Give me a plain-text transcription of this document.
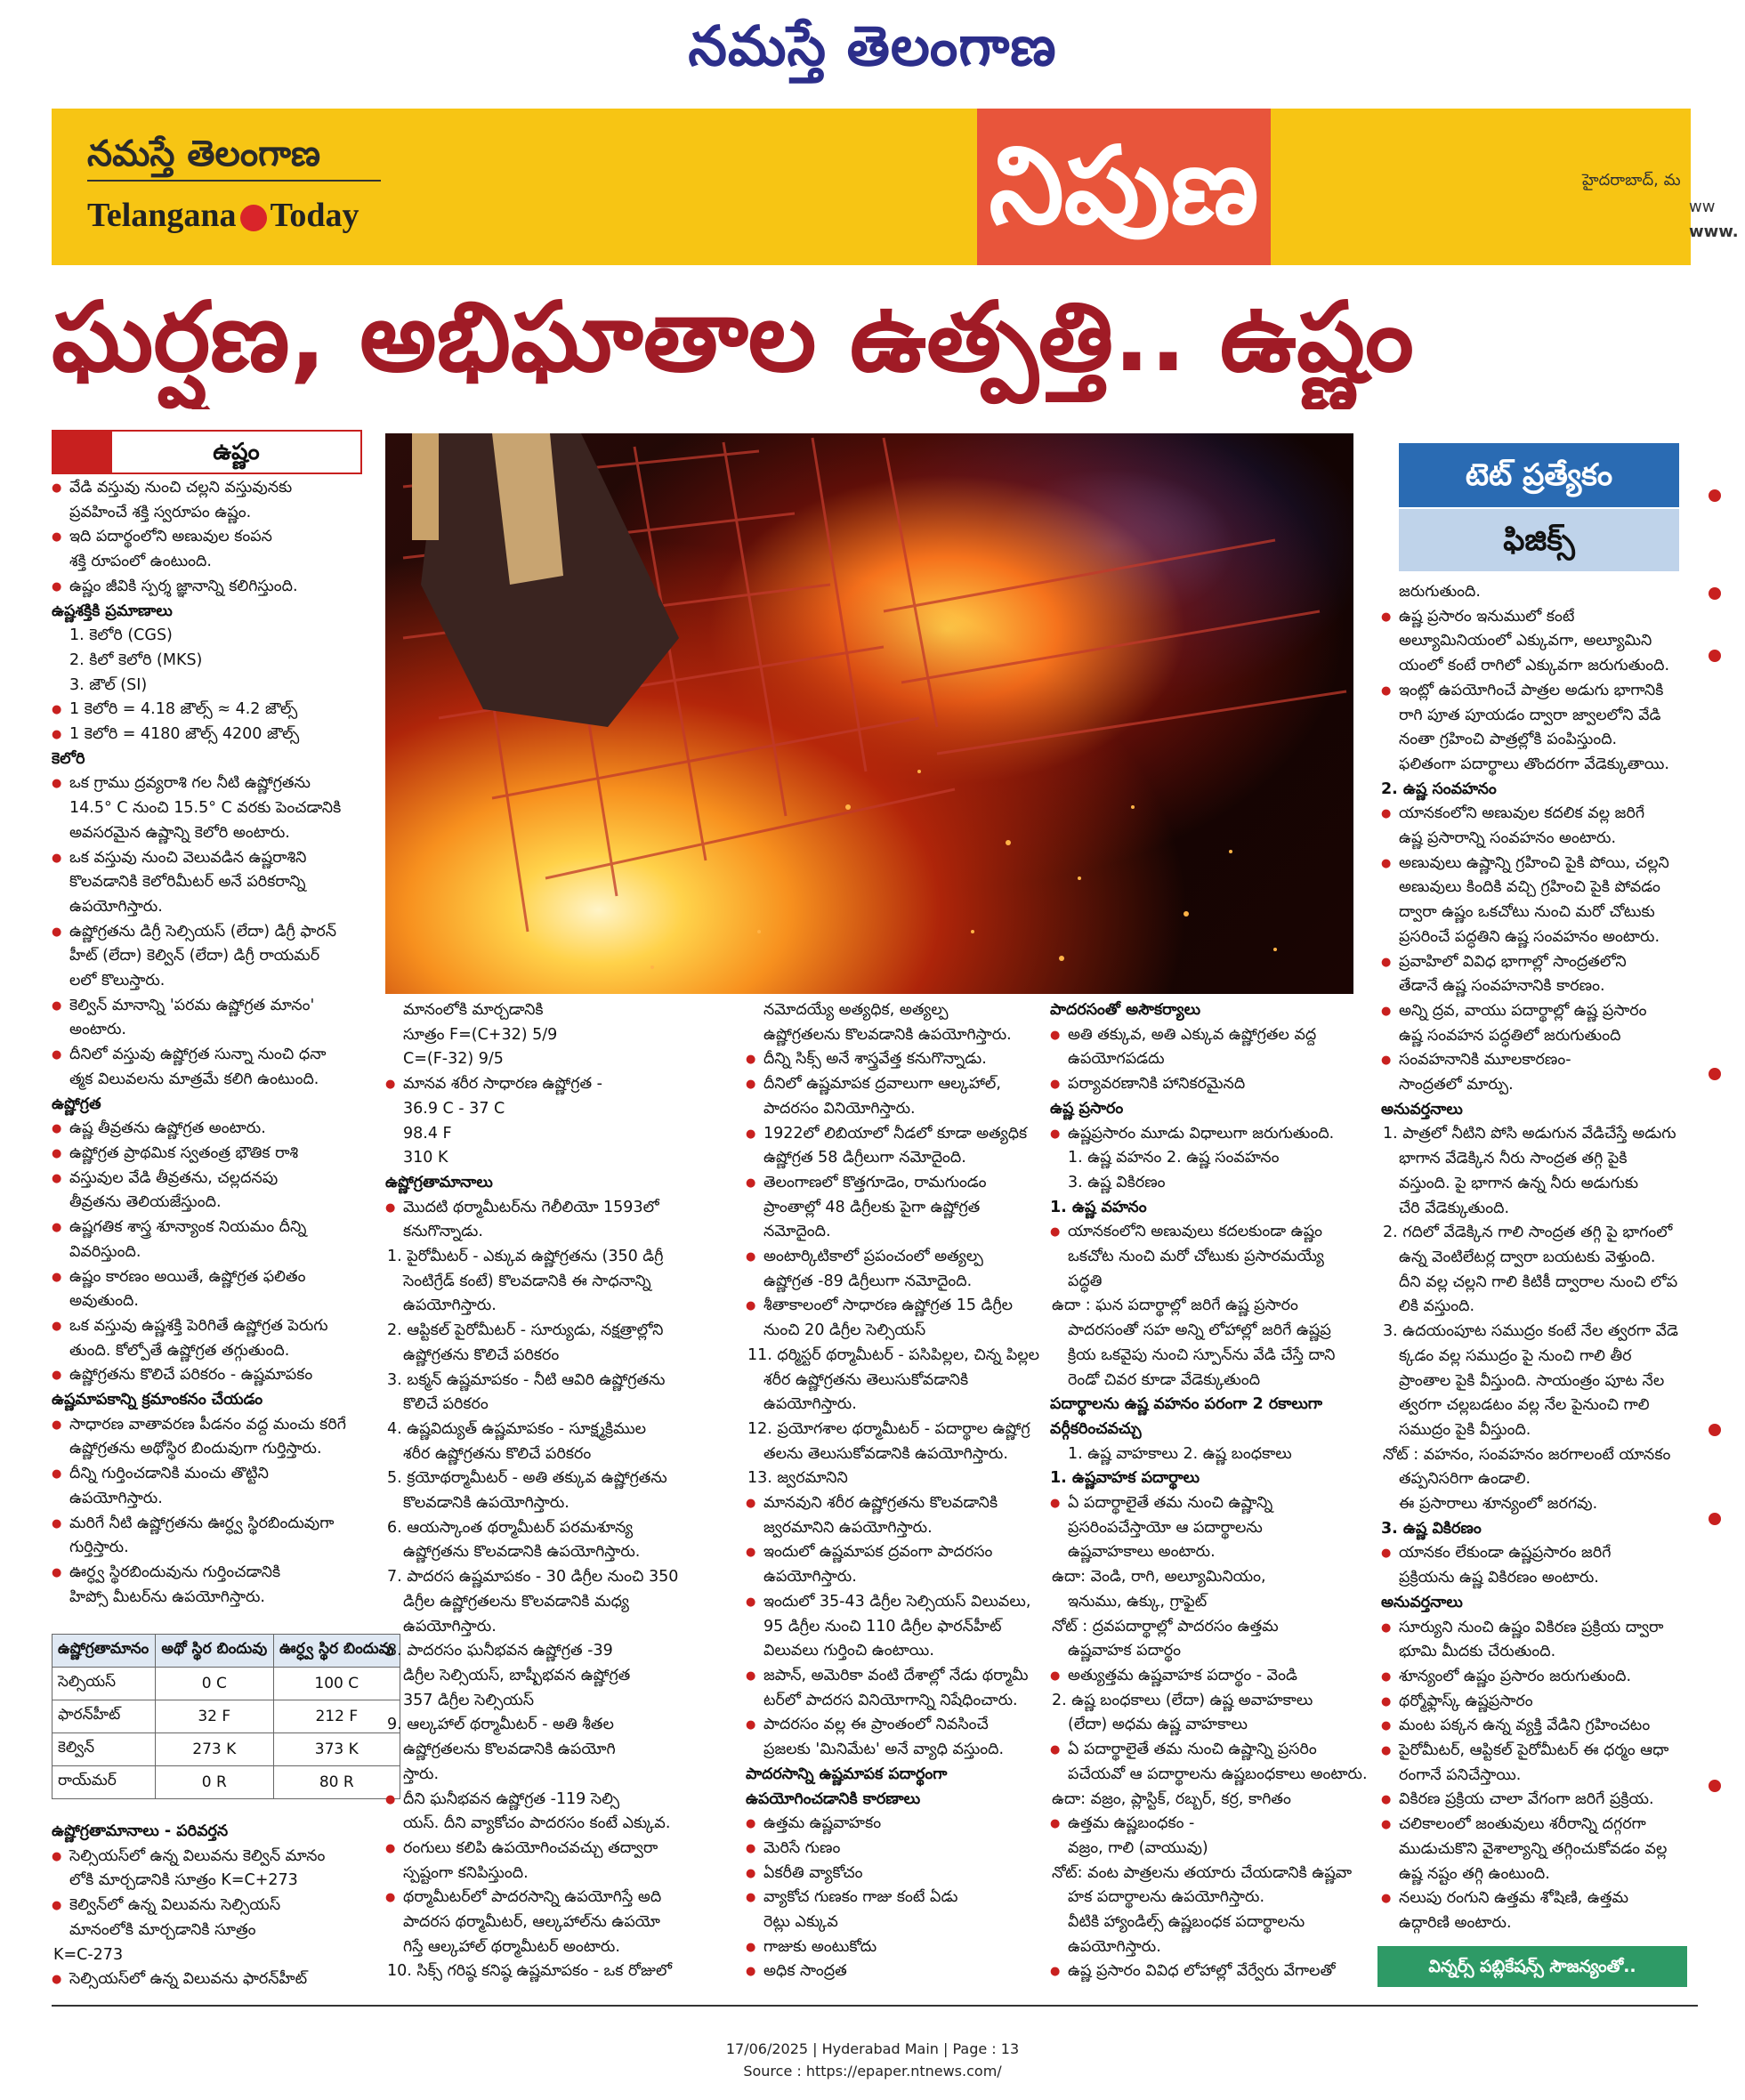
నమస్తే తెలంగాణ
నమస్తే తెలంగాణ
Telangana Today	నిపుణ	హైదరాబాద్, మ
ww
www.
ఘర్షణ, అభిఘాతాల ఉత్పత్తి.. ఉష్ణం
ఉష్ణం
● వేడి వస్తువు నుంచి చల్లని వస్తువునకు
ప్రవహించే శక్తి స్వరూపం ఉష్ణం.
● ఇది పదార్థంలోని అణువుల కంపన
శక్తి రూపంలో ఉంటుంది.
● ఉష్ణం జీవికి స్పర్శ జ్ఞానాన్ని కలిగిస్తుంది.
ఉష్ణశక్తికి ప్రమాణాలు
1. కెలోరి (CGS)
2. కిలో కెలోరి (MKS)
3. జౌల్ (SI)
● 1 కెలోరి = 4.18 జౌల్స్ ≈ 4.2 జౌల్స్
● 1 కెలోరి = 4180 జౌల్స్ 4200 జౌల్స్
కెలోరి
● ఒక గ్రాము ద్రవ్యరాశి గల నీటి ఉష్ణోగ్రతను
14.5° C నుంచి 15.5° C వరకు పెంచడానికి
అవసరమైన ఉష్ణాన్ని కెలోరి అంటారు.
● ఒక వస్తువు నుంచి వెలువడిన ఉష్ణరాశిని
కొలవడానికి కెలోరిమీటర్ అనే పరికరాన్ని
ఉపయోగిస్తారు.
● ఉష్ణోగ్రతను డిగ్రీ సెల్సియస్ (లేదా) డిగ్రీ ఫారన్
హీట్ (లేదా) కెల్విన్ (లేదా) డిగ్రీ రాయమర్
లలో కొలుస్తారు.
● కెల్విన్ మానాన్ని 'పరమ ఉష్ణోగ్రత మానం'
అంటారు.
● దీనిలో వస్తువు ఉష్ణోగ్రత సున్నా నుంచి ధనా
త్మక విలువలను మాత్రమే కలిగి ఉంటుంది.
ఉష్ణోగ్రత
● ఉష్ణ తీవ్రతను ఉష్ణోగ్రత అంటారు.
● ఉష్ణోగ్రత ప్రాథమిక స్వతంత్ర భౌతిక రాశి
● వస్తువుల వేడి తీవ్రతను, చల్లదనపు
తీవ్రతను తెలియజేస్తుంది.
● ఉష్ణగతిక శాస్త్ర శూన్యాంక నియమం దీన్ని
వివరిస్తుంది.
● ఉష్ణం కారణం అయితే, ఉష్ణోగ్రత ఫలితం
అవుతుంది.
● ఒక వస్తువు ఉష్ణశక్తి పెరిగితే ఉష్ణోగ్రత పెరుగు
తుంది. కోల్పోతే ఉష్ణోగ్రత తగ్గుతుంది.
● ఉష్ణోగ్రతను కొలిచే పరికరం - ఉష్ణమాపకం
ఉష్ణమాపకాన్ని క్రమాంకనం చేయడం
● సాధారణ వాతావరణ పీడనం వద్ద మంచు కరిగే
ఉష్ణోగ్రతను అథోస్థిర బిందువుగా గుర్తిస్తారు.
● దీన్ని గుర్తించడానికి మంచు తొట్టిని
ఉపయోగిస్తారు.
● మరిగే నీటి ఉష్ణోగ్రతను ఊర్ధ్వ స్థిరబిందువుగా
గుర్తిస్తారు.
● ఊర్ధ్వ స్థిరబిందువును గుర్తించడానికి
హిప్సో మీటర్‌ను ఉపయోగిస్తారు.
ఉష్ణోగ్రతామానం	అథో స్థిర బిందువు	ఊర్ధ్వ స్థిర బిందువు
సెల్సియస్	0 C	100 C
ఫారన్‌హీట్	32 F	212 F
కెల్విన్	273 K	373 K
రాయ్‌మర్	0 R	80 R
ఉష్ణోగ్రతామానాలు - పరివర్తన
● సెల్సియస్‌లో ఉన్న విలువను కెల్విన్ మానం
లోకి మార్చడానికి సూత్రం K=C+273
● కెల్విన్‌లో ఉన్న విలువను సెల్సియస్
మానంలోకి మార్చడానికి సూత్రం
K=C-273
● సెల్సియస్‌లో ఉన్న విలువను ఫారన్‌హీట్
మానంలోకి మార్చడానికి
సూత్రం F=(C+32) 5/9
C=(F-32) 9/5
● మానవ శరీర సాధారణ ఉష్ణోగ్రత -
36.9 C - 37 C
98.4 F
310 K
ఉష్ణోగ్రతామానాలు
● మొదటి థర్మామీటర్‌ను గెలీలియో 1593లో
కనుగొన్నాడు.
1. పైరోమీటర్ - ఎక్కువ ఉష్ణోగ్రతను (350 డిగ్రీ
సెంటిగ్రేడ్ కంటే) కొలవడానికి ఈ సాధనాన్ని
ఉపయోగిస్తారు.
2. ఆప్టికల్ పైరోమీటర్ - సూర్యుడు, నక్షత్రాల్లోని
ఉష్ణోగ్రతను కొలిచే పరికరం
3. బక్మన్ ఉష్ణమాపకం - నీటి ఆవిరి ఉష్ణోగ్రతను
కొలిచే పరికరం
4. ఉష్ణవిద్యుత్ ఉష్ణమాపకం - సూక్ష్మక్రిముల
శరీర ఉష్ణోగ్రతను కొలిచే పరికరం
5. క్రయోథర్మామీటర్ - అతి తక్కువ ఉష్ణోగ్రతను
కొలవడానికి ఉపయోగిస్తారు.
6. ఆయస్కాంత థర్మామీటర్ పరమశూన్య
ఉష్ణోగ్రతను కొలవడానికి ఉపయోగిస్తారు.
7. పాదరస ఉష్ణమాపకం - 30 డిగ్రీల నుంచి 350
డిగ్రీల ఉష్ణోగ్రతలను కొలవడానికి మధ్య
ఉపయోగిస్తారు.
8. పాదరసం ఘనీభవన ఉష్ణోగ్రత -39
డిగ్రీల సెల్సియస్, బాష్పీభవన ఉష్ణోగ్రత
357 డిగ్రీల సెల్సియస్
9. ఆల్కహాల్ థర్మామీటర్ - అతి శీతల
ఉష్ణోగ్రతలను కొలవడానికి ఉపయోగి
స్తారు.
● దీని ఘనీభవన ఉష్ణోగ్రత -119 సెల్సి
యస్. దీని వ్యాకోచం పాదరసం కంటే ఎక్కువ.
● రంగులు కలిపి ఉపయోగించవచ్చు తద్వారా
స్పష్టంగా కనిపిస్తుంది.
● థర్మామీటర్‌లో పాదరసాన్ని ఉపయోగిస్తే అది
పాదరస థర్మామీటర్, ఆల్కహాల్‌ను ఉపయో
గిస్తే ఆల్కహాల్ థర్మామీటర్ అంటారు.
10. సిక్స్ గరిష్ఠ కనిష్ఠ ఉష్ణమాపకం - ఒక రోజులో
నమోదయ్యే అత్యధిక, అత్యల్ప
ఉష్ణోగ్రతలను కొలవడానికి ఉపయోగిస్తారు.
● దీన్ని సిక్స్ అనే శాస్త్రవేత్త కనుగొన్నాడు.
● దీనిలో ఉష్ణమాపక ద్రవాలుగా ఆల్కహాల్,
పాదరసం వినియోగిస్తారు.
● 1922లో లిబియాలో నీడలో కూడా అత్యధిక
ఉష్ణోగ్రత 58 డిగ్రీలుగా నమోదైంది.
● తెలంగాణలో కొత్తగూడెం, రామగుండం
ప్రాంతాల్లో 48 డిగ్రీలకు పైగా ఉష్ణోగ్రత
నమోదైంది.
● అంటార్కిటికాలో ప్రపంచంలో అత్యల్ప
ఉష్ణోగ్రత -89 డిగ్రీలుగా నమోదైంది.
● శీతాకాలంలో సాధారణ ఉష్ణోగ్రత 15 డిగ్రీల
నుంచి 20 డిగ్రీల సెల్సియస్
11. ధర్మిస్టర్ థర్మామీటర్ - పసిపిల్లల, చిన్న పిల్లల
శరీర ఉష్ణోగ్రతను తెలుసుకోవడానికి
ఉపయోగిస్తారు.
12. ప్రయోగశాల థర్మామీటర్ - పదార్థాల ఉష్ణోగ్ర
తలను తెలుసుకోవడానికి ఉపయోగిస్తారు.
13. జ్వరమానిని
● మానవుని శరీర ఉష్ణోగ్రతను కొలవడానికి
జ్వరమానిని ఉపయోగిస్తారు.
● ఇందులో ఉష్ణమాపక ద్రవంగా పాదరసం
ఉపయోగిస్తారు.
● ఇందులో 35-43 డిగ్రీల సెల్సియస్ విలువలు,
95 డిగ్రీల నుంచి 110 డిగ్రీల ఫారన్‌హీట్
విలువలు గుర్తించి ఉంటాయి.
● జపాన్, అమెరికా వంటి దేశాల్లో నేడు థర్మామీ
టర్‌లో పాదరస వినియోగాన్ని నిషేధించారు.
● పాదరసం వల్ల ఈ ప్రాంతంలో నివసించే
ప్రజలకు 'మినిమేట' అనే వ్యాధి వస్తుంది.
పాదరసాన్ని ఉష్ణమాపక పదార్థంగా
ఉపయోగించడానికి కారణాలు
● ఉత్తమ ఉష్ణవాహకం
● మెరిసే గుణం
● ఏకరీతి వ్యాకోచం
● వ్యాకోచ గుణకం గాజు కంటే ఏడు
రెట్లు ఎక్కువ
● గాజుకు అంటుకోదు
● అధిక సాంద్రత
పాదరసంతో అసౌకర్యాలు
● అతి తక్కువ, అతి ఎక్కువ ఉష్ణోగ్రతల వద్ద
ఉపయోగపడదు
● పర్యావరణానికి హానికరమైనది
ఉష్ణ ప్రసారం
● ఉష్ణప్రసారం మూడు విధాలుగా జరుగుతుంది.
1. ఉష్ణ వహనం 2. ఉష్ణ సంవహనం
3. ఉష్ణ వికిరణం
1. ఉష్ణ వహనం
● యానకంలోని అణువులు కదలకుండా ఉష్ణం
ఒకచోట నుంచి మరో చోటుకు ప్రసారమయ్యే
పద్ధతి
ఉదా : ఘన పదార్థాల్లో జరిగే ఉష్ణ ప్రసారం
పాదరసంతో సహ అన్ని లోహాల్లో జరిగే ఉష్ణప్ర
క్రియ ఒకవైపు నుంచి స్పూన్‌ను వేడి చేస్తే దాని
రెండో చివర కూడా వేడెక్కుతుంది
పదార్థాలను ఉష్ణ వహనం పరంగా 2 రకాలుగా
వర్గీకరించవచ్చు
1. ఉష్ణ వాహకాలు 2. ఉష్ణ బంధకాలు
1. ఉష్ణవాహక పదార్థాలు
● ఏ పదార్థాలైతే తమ నుంచి ఉష్ణాన్ని
ప్రసరింపచేస్తాయో ఆ పదార్థాలను
ఉష్ణవాహకాలు అంటారు.
ఉదా: వెండి, రాగి, అల్యూమినియం,
ఇనుము, ఉక్కు, గ్రాఫైట్
నోట్ : ద్రవపదార్థాల్లో పాదరసం ఉత్తమ
ఉష్ణవాహక పదార్థం
● అత్యుత్తమ ఉష్ణవాహక పదార్థం - వెండి
2. ఉష్ణ బంధకాలు (లేదా) ఉష్ణ అవాహకాలు
(లేదా) అధమ ఉష్ణ వాహకాలు
● ఏ పదార్థాలైతే తమ నుంచి ఉష్ణాన్ని ప్రసరిం
పచేయవో ఆ పదార్థాలను ఉష్ణబంధకాలు అంటారు.
ఉదా: వజ్రం, ప్లాస్టిక్, రబ్బర్, కర్ర, కాగితం
● ఉత్తమ ఉష్ణబంధకం -
వజ్రం, గాలి (వాయువు)
నోట్: వంట పాత్రలను తయారు చేయడానికి ఉష్ణవా
హక పదార్థాలను ఉపయోగిస్తారు.
వీటికి హ్యాండిల్స్ ఉష్ణబంధక పదార్థాలను
ఉపయోగిస్తారు.
● ఉష్ణ ప్రసారం వివిధ లోహాల్లో వేర్వేరు వేగాలతో
టెట్ ప్రత్యేకం
ఫిజిక్స్
జరుగుతుంది.
● ఉష్ణ ప్రసారం ఇనుములో కంటే
అల్యూమినియంలో ఎక్కువగా, అల్యూమిని
యంలో కంటే రాగిలో ఎక్కువగా జరుగుతుంది.
● ఇంట్లో ఉపయోగించే పాత్రల అడుగు భాగానికి
రాగి పూత పూయడం ద్వారా జ్వాలలోని వేడి
నంతా గ్రహించి పాత్రల్లోకి పంపిస్తుంది.
ఫలితంగా పదార్థాలు తొందరగా వేడెక్కుతాయి.
2. ఉష్ణ సంవహనం
● యానకంలోని అణువుల కదలిక వల్ల జరిగే
ఉష్ణ ప్రసారాన్ని సంవహనం అంటారు.
● అణువులు ఉష్ణాన్ని గ్రహించి పైకి పోయి, చల్లని
అణువులు కిందికి వచ్చి గ్రహించి పైకి పోవడం
ద్వారా ఉష్ణం ఒకచోటు నుంచి మరో చోటుకు
ప్రసరించే పద్ధతిని ఉష్ణ సంవహనం అంటారు.
● ప్రవాహిలో వివిధ భాగాల్లో సాంద్రతలోని
తేడానే ఉష్ణ సంవహనానికి కారణం.
● అన్ని ద్రవ, వాయు పదార్థాల్లో ఉష్ణ ప్రసారం
ఉష్ణ సంవహన పద్ధతిలో జరుగుతుంది
● సంవహనానికి మూలకారణం-
సాంద్రతలో మార్పు.
అనువర్తనాలు
1. పాత్రలో నీటిని పోసి అడుగున వేడిచేస్తే అడుగు
భాగాన వేడెక్కిన నీరు సాంద్రత తగ్గి పైకి
వస్తుంది. పై భాగాన ఉన్న నీరు అడుగుకు
చేరి వేడెక్కుతుంది.
2. గదిలో వేడెక్కిన గాలి సాంద్రత తగ్గి పై భాగంలో
ఉన్న వెంటిలేటర్ల ద్వారా బయటకు వెళ్తుంది.
దీని వల్ల చల్లని గాలి కిటికీ ద్వారాల నుంచి లోప
లికి వస్తుంది.
3. ఉదయంపూట సముద్రం కంటే నేల త్వరగా వేడె
క్కడం వల్ల సముద్రం పై నుంచి గాలి తీర
ప్రాంతాల పైకి వీస్తుంది. సాయంత్రం పూట నేల
త్వరగా చల్లబడటం వల్ల నేల పైనుంచి గాలి
సముద్రం పైకి వీస్తుంది.
నోట్ : వహనం, సంవహనం జరగాలంటే యానకం
తప్పనిసరిగా ఉండాలి.
ఈ ప్రసారాలు శూన్యంలో జరగవు.
3. ఉష్ణ వికిరణం
● యానకం లేకుండా ఉష్ణప్రసారం జరిగే
ప్రక్రియను ఉష్ణ వికిరణం అంటారు.
అనువర్తనాలు
● సూర్యుని నుంచి ఉష్ణం వికిరణ ప్రక్రియ ద్వారా
భూమి మీదకు చేరుతుంది.
● శూన్యంలో ఉష్ణం ప్రసారం జరుగుతుంది.
● థర్మోఫ్లాస్క్ ఉష్ణప్రసారం
● మంట పక్కన ఉన్న వ్యక్తి వేడిని గ్రహించటం
● పైరోమీటర్, ఆప్టికల్ పైరోమీటర్ ఈ ధర్మం ఆధా
రంగానే పనిచేస్తాయి.
● వికిరణ ప్రక్రియ చాలా వేగంగా జరిగే ప్రక్రియ.
● చలికాలంలో జంతువులు శరీరాన్ని దగ్గరగా
ముడుచుకొని వైశాల్యాన్ని తగ్గించుకోవడం వల్ల
ఉష్ణ నష్టం తగ్గి ఉంటుంది.
● నలుపు రంగుని ఉత్తమ శోషిణి, ఉత్తమ
ఉద్గారిణి అంటారు.
విన్నర్స్ పబ్లికేషన్స్ సౌజన్యంతో..
17/06/2025 | Hyderabad Main | Page : 13
Source : https://epaper.ntnews.com/
